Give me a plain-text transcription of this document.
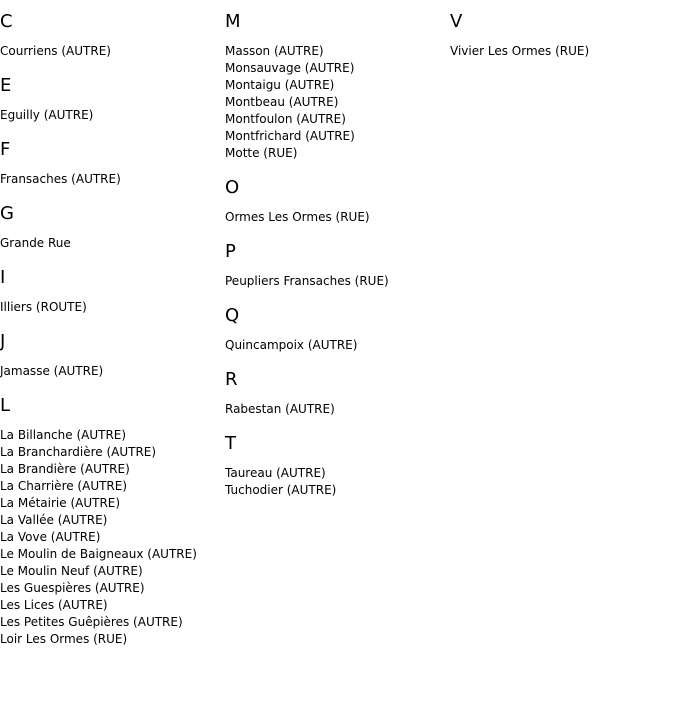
C
Courriens (AUTRE)
E
Eguilly (AUTRE)
F
Fransaches (AUTRE)
G
Grande Rue
I
Illiers (ROUTE)
J
Jamasse (AUTRE)
L
La Billanche (AUTRE)
La Branchardière (AUTRE)
La Brandière (AUTRE)
La Charrière (AUTRE)
La Métairie (AUTRE)
La Vallée (AUTRE)
La Vove (AUTRE)
Le Moulin de Baigneaux (AUTRE)
Le Moulin Neuf (AUTRE)
Les Guespières (AUTRE)
Les Lices (AUTRE)
Les Petites Guêpières (AUTRE)
Loir Les Ormes (RUE)
M
Masson (AUTRE)
Monsauvage (AUTRE)
Montaigu (AUTRE)
Montbeau (AUTRE)
Montfoulon (AUTRE)
Montfrichard (AUTRE)
Motte (RUE)
O
Ormes Les Ormes (RUE)
P
Peupliers Fransaches (RUE)
Q
Quincampoix (AUTRE)
R
Rabestan (AUTRE)
T
Taureau (AUTRE)
Tuchodier (AUTRE)
V
Vivier Les Ormes (RUE)
